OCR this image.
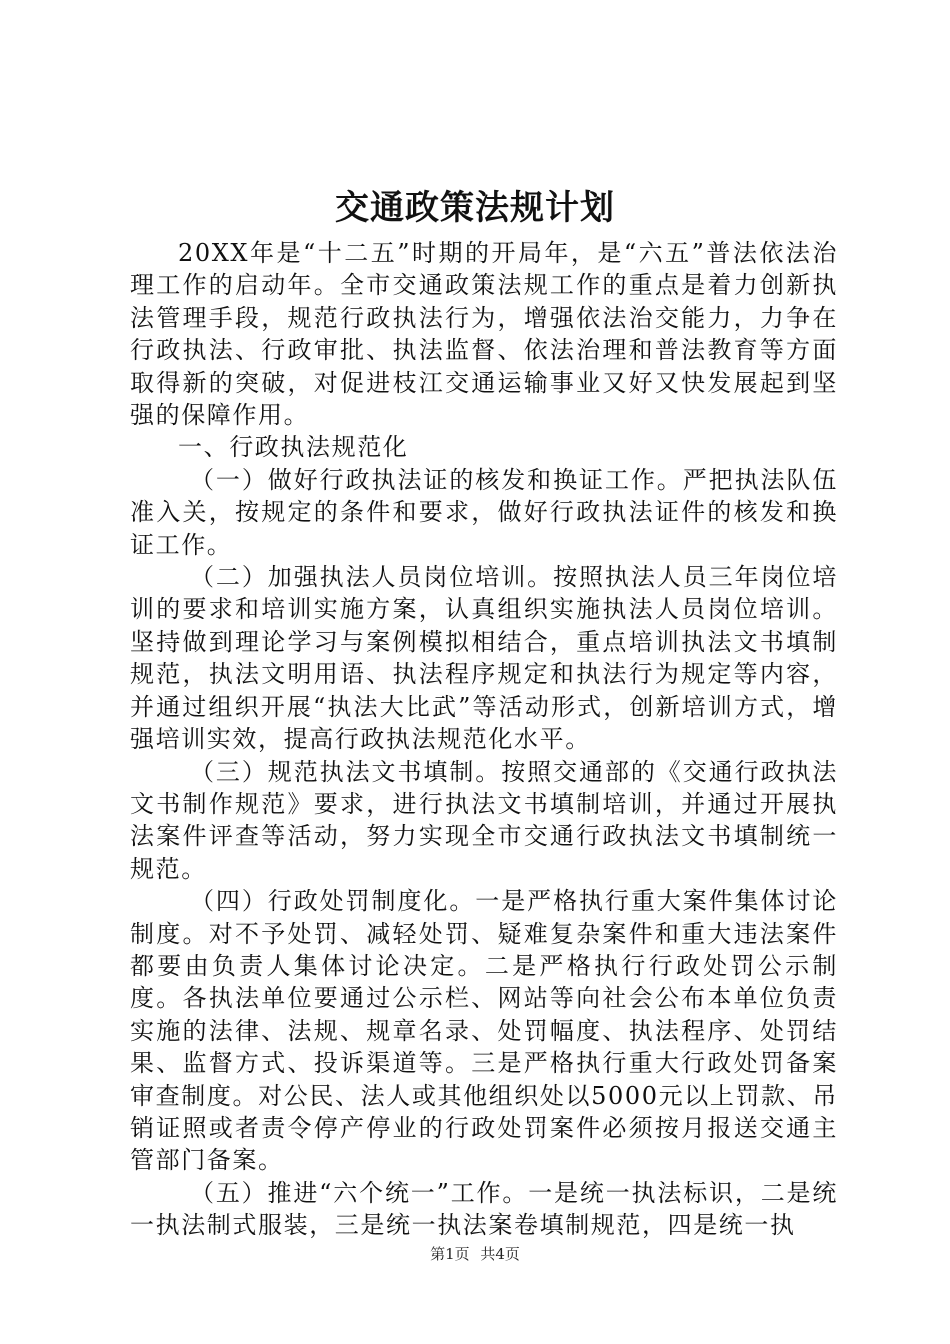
交通政策法规计划

20XX年是“十二五”时期的开局年，是“六五”普法依法治理工作的启动年。全市交通政策法规工作的重点是着力创新执法管理手段，规范行政执法行为，增强依法治交能力，力争在行政执法、行政审批、执法监督、依法治理和普法教育等方面取得新的突破，对促进枝江交通运输事业又好又快发展起到坚强的保障作用。

一、行政执法规范化

（一）做好行政执法证的核发和换证工作。严把执法队伍准入关，按规定的条件和要求，做好行政执法证件的核发和换证工作。

（二）加强执法人员岗位培训。按照执法人员三年岗位培训的要求和培训实施方案，认真组织实施执法人员岗位培训。坚持做到理论学习与案例模拟相结合，重点培训执法文书填制规范，执法文明用语、执法程序规定和执法行为规定等内容，并通过组织开展“执法大比武”等活动形式，创新培训方式，增强培训实效，提高行政执法规范化水平。

（三）规范执法文书填制。按照交通部的《交通行政执法文书制作规范》要求，进行执法文书填制培训，并通过开展执法案件评查等活动，努力实现全市交通行政执法文书填制统一规范。

（四）行政处罚制度化。一是严格执行重大案件集体讨论制度。对不予处罚、减轻处罚、疑难复杂案件和重大违法案件都要由负责人集体讨论决定。二是严格执行行政处罚公示制度。各执法单位要通过公示栏、网站等向社会公布本单位负责实施的法律、法规、规章名录、处罚幅度、执法程序、处罚结果、监督方式、投诉渠道等。三是严格执行重大行政处罚备案审查制度。对公民、法人或其他组织处以5000元以上罚款、吊销证照或者责令停产停业的行政处罚案件必须按月报送交通主管部门备案。

（五）推进“六个统一”工作。一是统一执法标识，二是统一执法制式服装，三是统一执法案卷填制规范，四是统一执

第1页 共4页
